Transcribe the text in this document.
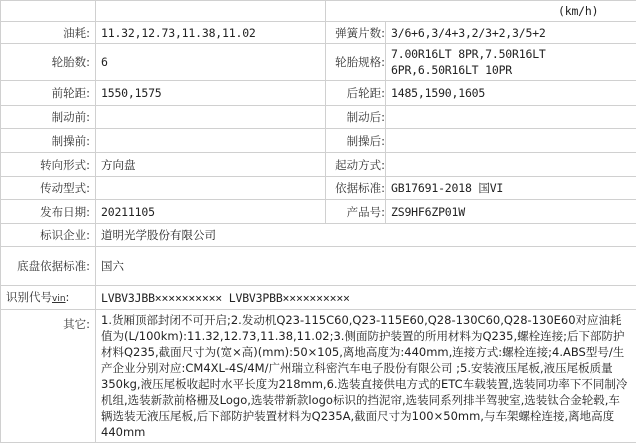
		(km/h)	
油耗:	11.32,12.73,11.38,11.02	弹簧片数:	3/6+6,3/4+3,2/3+2,3/5+2
轮胎数:	6	轮胎规格:	7.00R16LT 8PR,7.50R16LT 6PR,6.50R16LT 10PR
前轮距:	1550,1575	后轮距:	1485,1590,1605
制动前:		制动后:	
制操前:		制操后:	
转向形式:	方向盘	起动方式:	
传动型式:		依据标准:	GB17691-2018 国VI
发布日期:	20211105	产品号:	ZS9HF6ZP01W
标识企业:	道明光学股份有限公司		
底盘依据标准:	国六		
识别代号vin:	LVBV3JBB×××××××××× LVBV3PBB××××××××××		
其它:	1.货厢顶部封闭不可开启;2.发动机Q23-115C60,Q23-115E60,Q28-130C60,Q28-130E60对应油耗值为(L/100km):11.32,12.73,11.38,11.02;3.侧面防护装置的所用材料为Q235,螺栓连接;后下部防护材料Q235,截面尺寸为(宽×高)(mm):50×105,离地高度为:440mm,连接方式:螺栓连接;4.ABS型号/生产企业分别对应:CM4XL-4S/4M/广州瑞立科密汽车电子股份有限公司 ;5.安装液压尾板,液压尾板质量350kg,液压尾板收起时水平长度为218mm,6.选装直接供电方式的ETC车载装置,选装同功率下不同制冷机组,选装新款前格栅及Logo,选装带新款logo标识的挡泥帘,选装同系列排半驾驶室,选装钛合金轮毂,车辆选装无液压尾板,后下部防护装置材料为Q235A,截面尺寸为100×50mm,与车架螺栓连接,离地高度440mm		
